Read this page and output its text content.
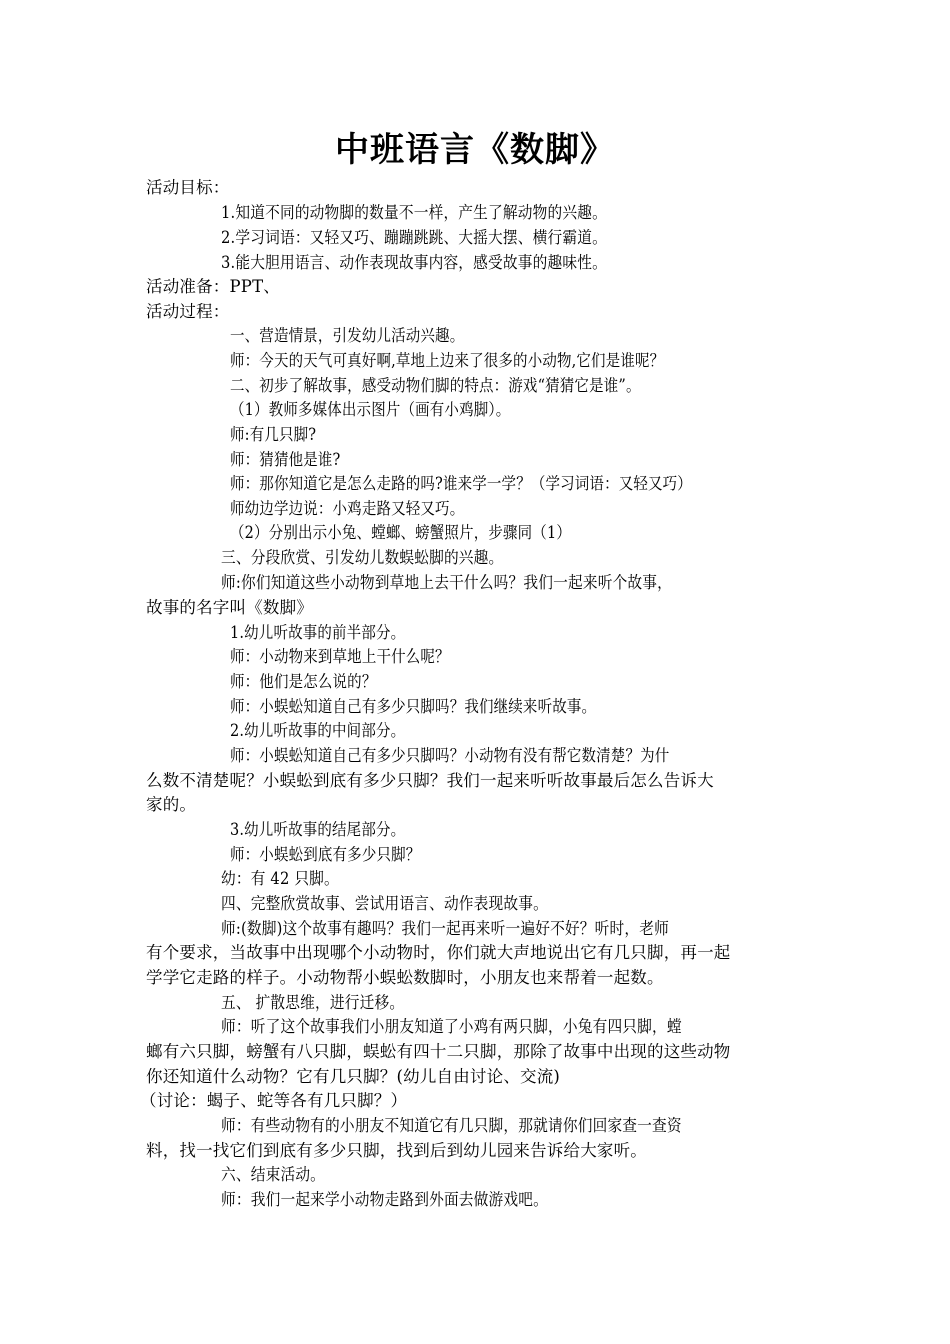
中班语言《数脚》
活动目标：
1.知道不同的动物脚的数量不一样，产生了解动物的兴趣。
2.学习词语：又轻又巧、蹦蹦跳跳、大摇大摆、横行霸道。
3.能大胆用语言、动作表现故事内容，感受故事的趣味性。
活动准备：PPT、
活动过程：
一、营造情景，引发幼儿活动兴趣。
师：今天的天气可真好啊,草地上边来了很多的小动物,它们是谁呢？
二、初步了解故事，感受动物们脚的特点：游戏“猜猜它是谁”。
（1）教师多媒体出示图片（画有小鸡脚）。
师:有几只脚?
师：猜猜他是谁?
师：那你知道它是怎么走路的吗?谁来学一学？（学习词语：又轻又巧）
师幼边学边说：小鸡走路又轻又巧。
（2）分别出示小兔、螳螂、螃蟹照片，步骤同（1）
三、分段欣赏、引发幼儿数蜈蚣脚的兴趣。
师:你们知道这些小动物到草地上去干什么吗？我们一起来听个故事，
故事的名字叫《数脚》
1.幼儿听故事的前半部分。
师：小动物来到草地上干什么呢？
师：他们是怎么说的？
师：小蜈蚣知道自己有多少只脚吗？我们继续来听故事。
2.幼儿听故事的中间部分。
师：小蜈蚣知道自己有多少只脚吗？小动物有没有帮它数清楚？为什
么数不清楚呢？小蜈蚣到底有多少只脚？我们一起来听听故事最后怎么告诉大
家的。
3.幼儿听故事的结尾部分。
师：小蜈蚣到底有多少只脚？
幼：有 42 只脚。
四、完整欣赏故事、尝试用语言、动作表现故事。
师:(数脚)这个故事有趣吗？我们一起再来听一遍好不好？听时，老师
有个要求，当故事中出现哪个小动物时，你们就大声地说出它有几只脚，再一起
学学它走路的样子。小动物帮小蜈蚣数脚时，小朋友也来帮着一起数。
五、 扩散思维，进行迁移。
师：听了这个故事我们小朋友知道了小鸡有两只脚，小兔有四只脚，螳
螂有六只脚，螃蟹有八只脚，蜈蚣有四十二只脚，那除了故事中出现的这些动物
你还知道什么动物？它有几只脚？(幼儿自由讨论、交流)
（讨论：蝎子、蛇等各有几只脚？）
师：有些动物有的小朋友不知道它有几只脚，那就请你们回家查一查资
料，找一找它们到底有多少只脚，找到后到幼儿园来告诉给大家听。
六、结束活动。
师：我们一起来学小动物走路到外面去做游戏吧。
